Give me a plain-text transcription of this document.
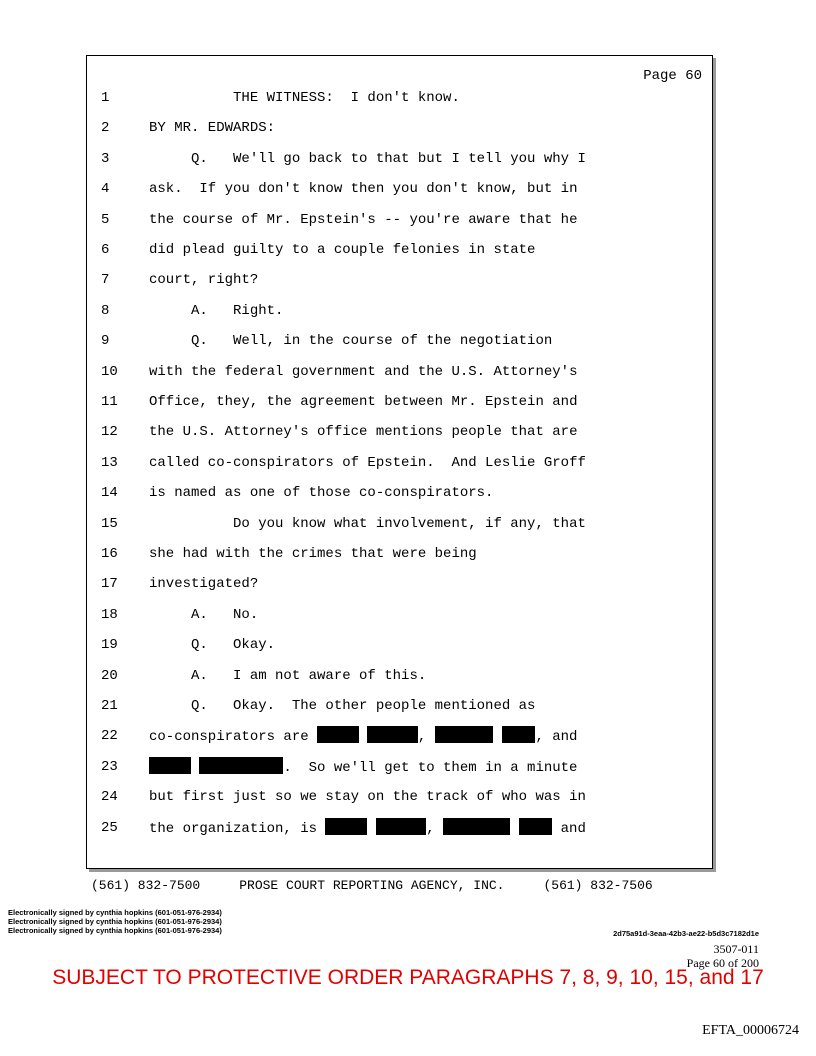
Page 60
1	THE WITNESS:  I don't know.
2	BY MR. EDWARDS:
3	Q.   We'll go back to that but I tell you why I
4	ask.  If you don't know then you don't know, but in
5	the course of Mr. Epstein's -- you're aware that he
6	did plead guilty to a couple felonies in state
7	court, right?
8	A.   Right.
9	Q.   Well, in the course of the negotiation
10	with the federal government and the U.S. Attorney's
11	Office, they, the agreement between Mr. Epstein and
12	the U.S. Attorney's office mentions people that are
13	called co-conspirators of Epstein.  And Leslie Groff
14	is named as one of those co-conspirators.
15	Do you know what involvement, if any, that
16	she had with the crimes that were being
17	investigated?
18	A.   No.
19	Q.   Okay.
20	A.   I am not aware of this.
21	Q.   Okay.  The other people mentioned as
22	co-conspirators are	,	, and
23	.  So we'll get to them in a minute
24	but first just so we stay on the track of who was in
25	the organization, is	,	and
(561) 832-7500     PROSE COURT REPORTING AGENCY, INC.     (561) 832-7506
Electronically signed by cynthia hopkins (601-051-976-2934)
Electronically signed by cynthia hopkins (601-051-976-2934)
Electronically signed by cynthia hopkins (601-051-976-2934)	2d75a91d-3eaa-42b3-ae22-b5d3c7182d1e
3507-011
Page 60 of 200
SUBJECT TO PROTECTIVE ORDER PARAGRAPHS 7, 8, 9, 10, 15, and 17
EFTA_00006724
